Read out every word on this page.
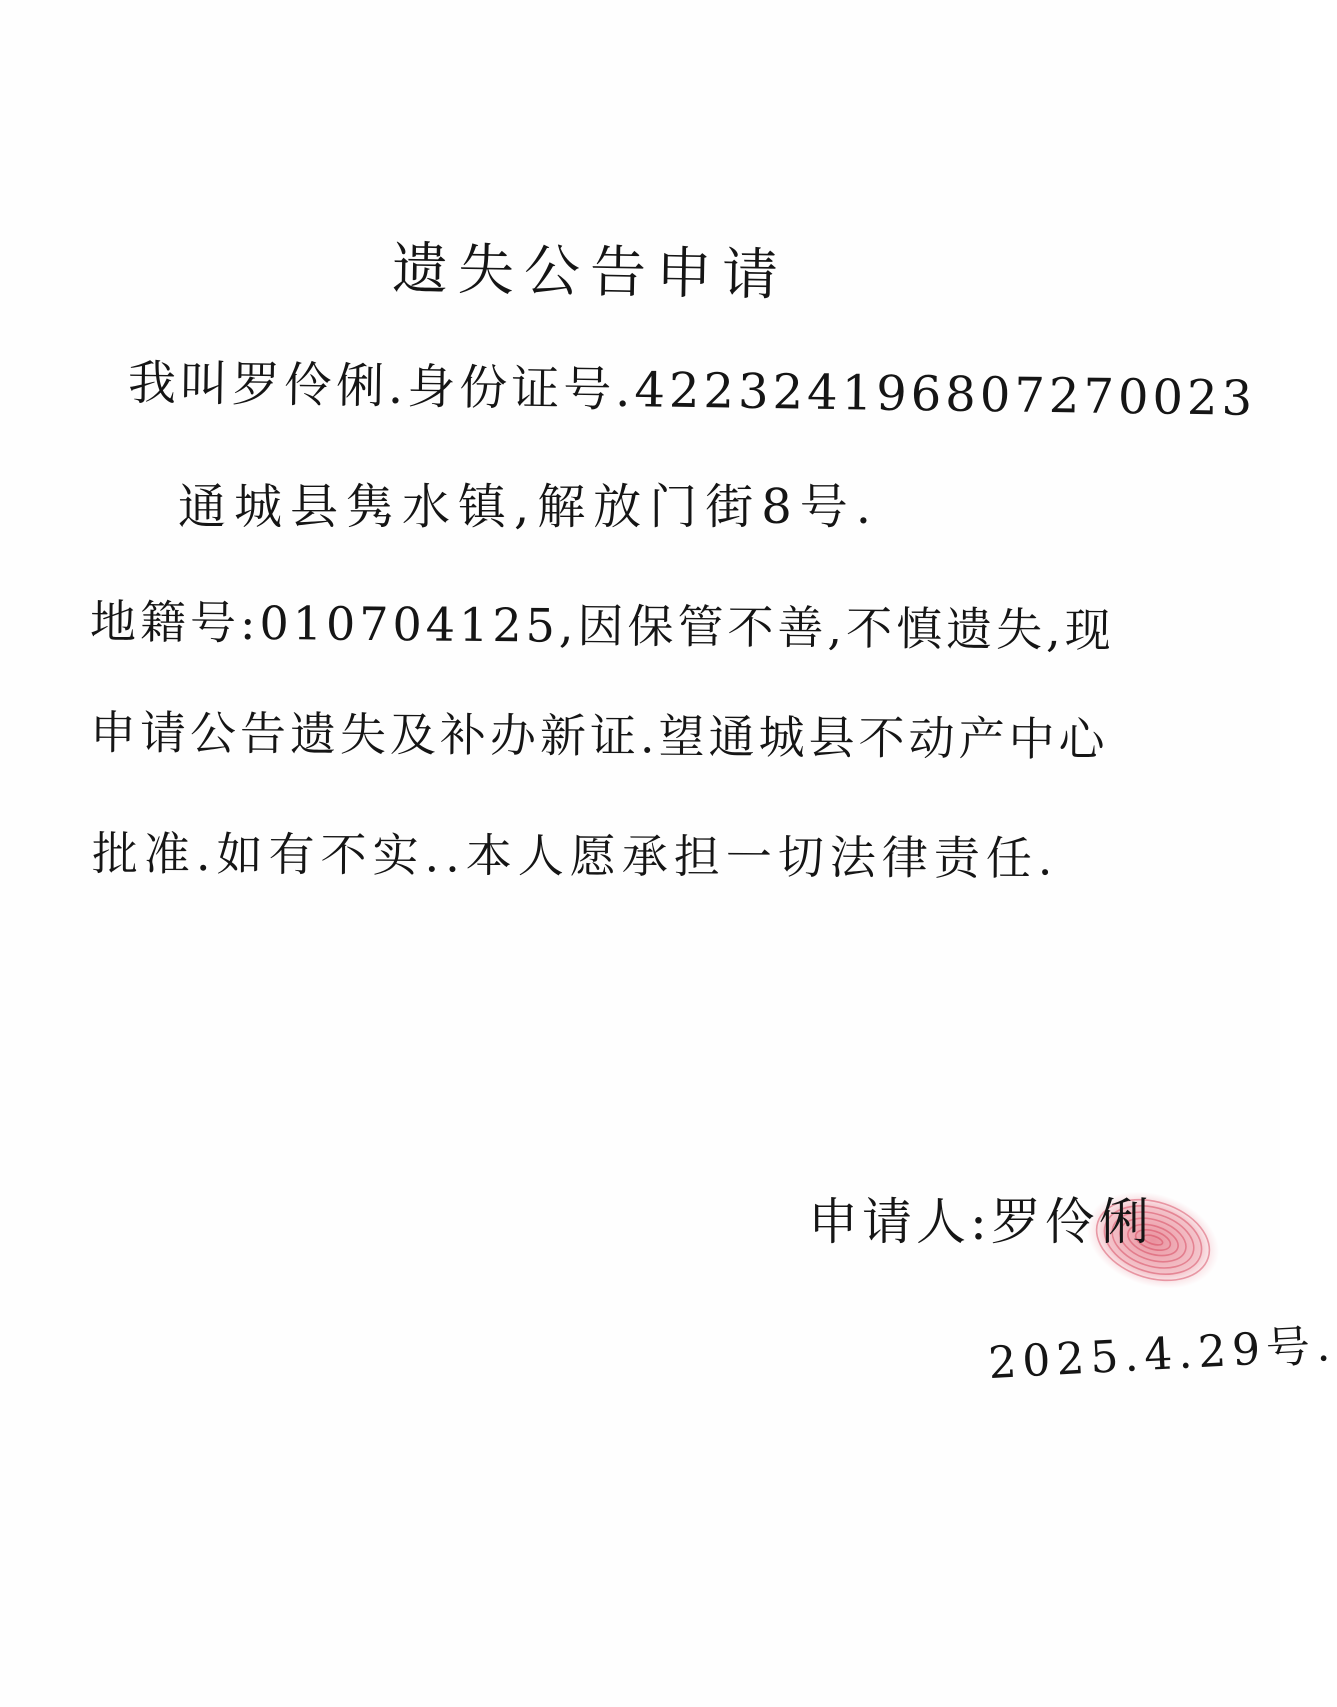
遗失公告申请
我叫罗伶俐.身份证号.422324196807270023
通城县隽水镇,解放门街8号.
地籍号:010704125,因保管不善,不慎遗失,现
申请公告遗失及补办新证.望通城县不动产中心
批准.如有不实..本人愿承担一切法律责任.
申请人:罗伶俐
2025.4.29号.
